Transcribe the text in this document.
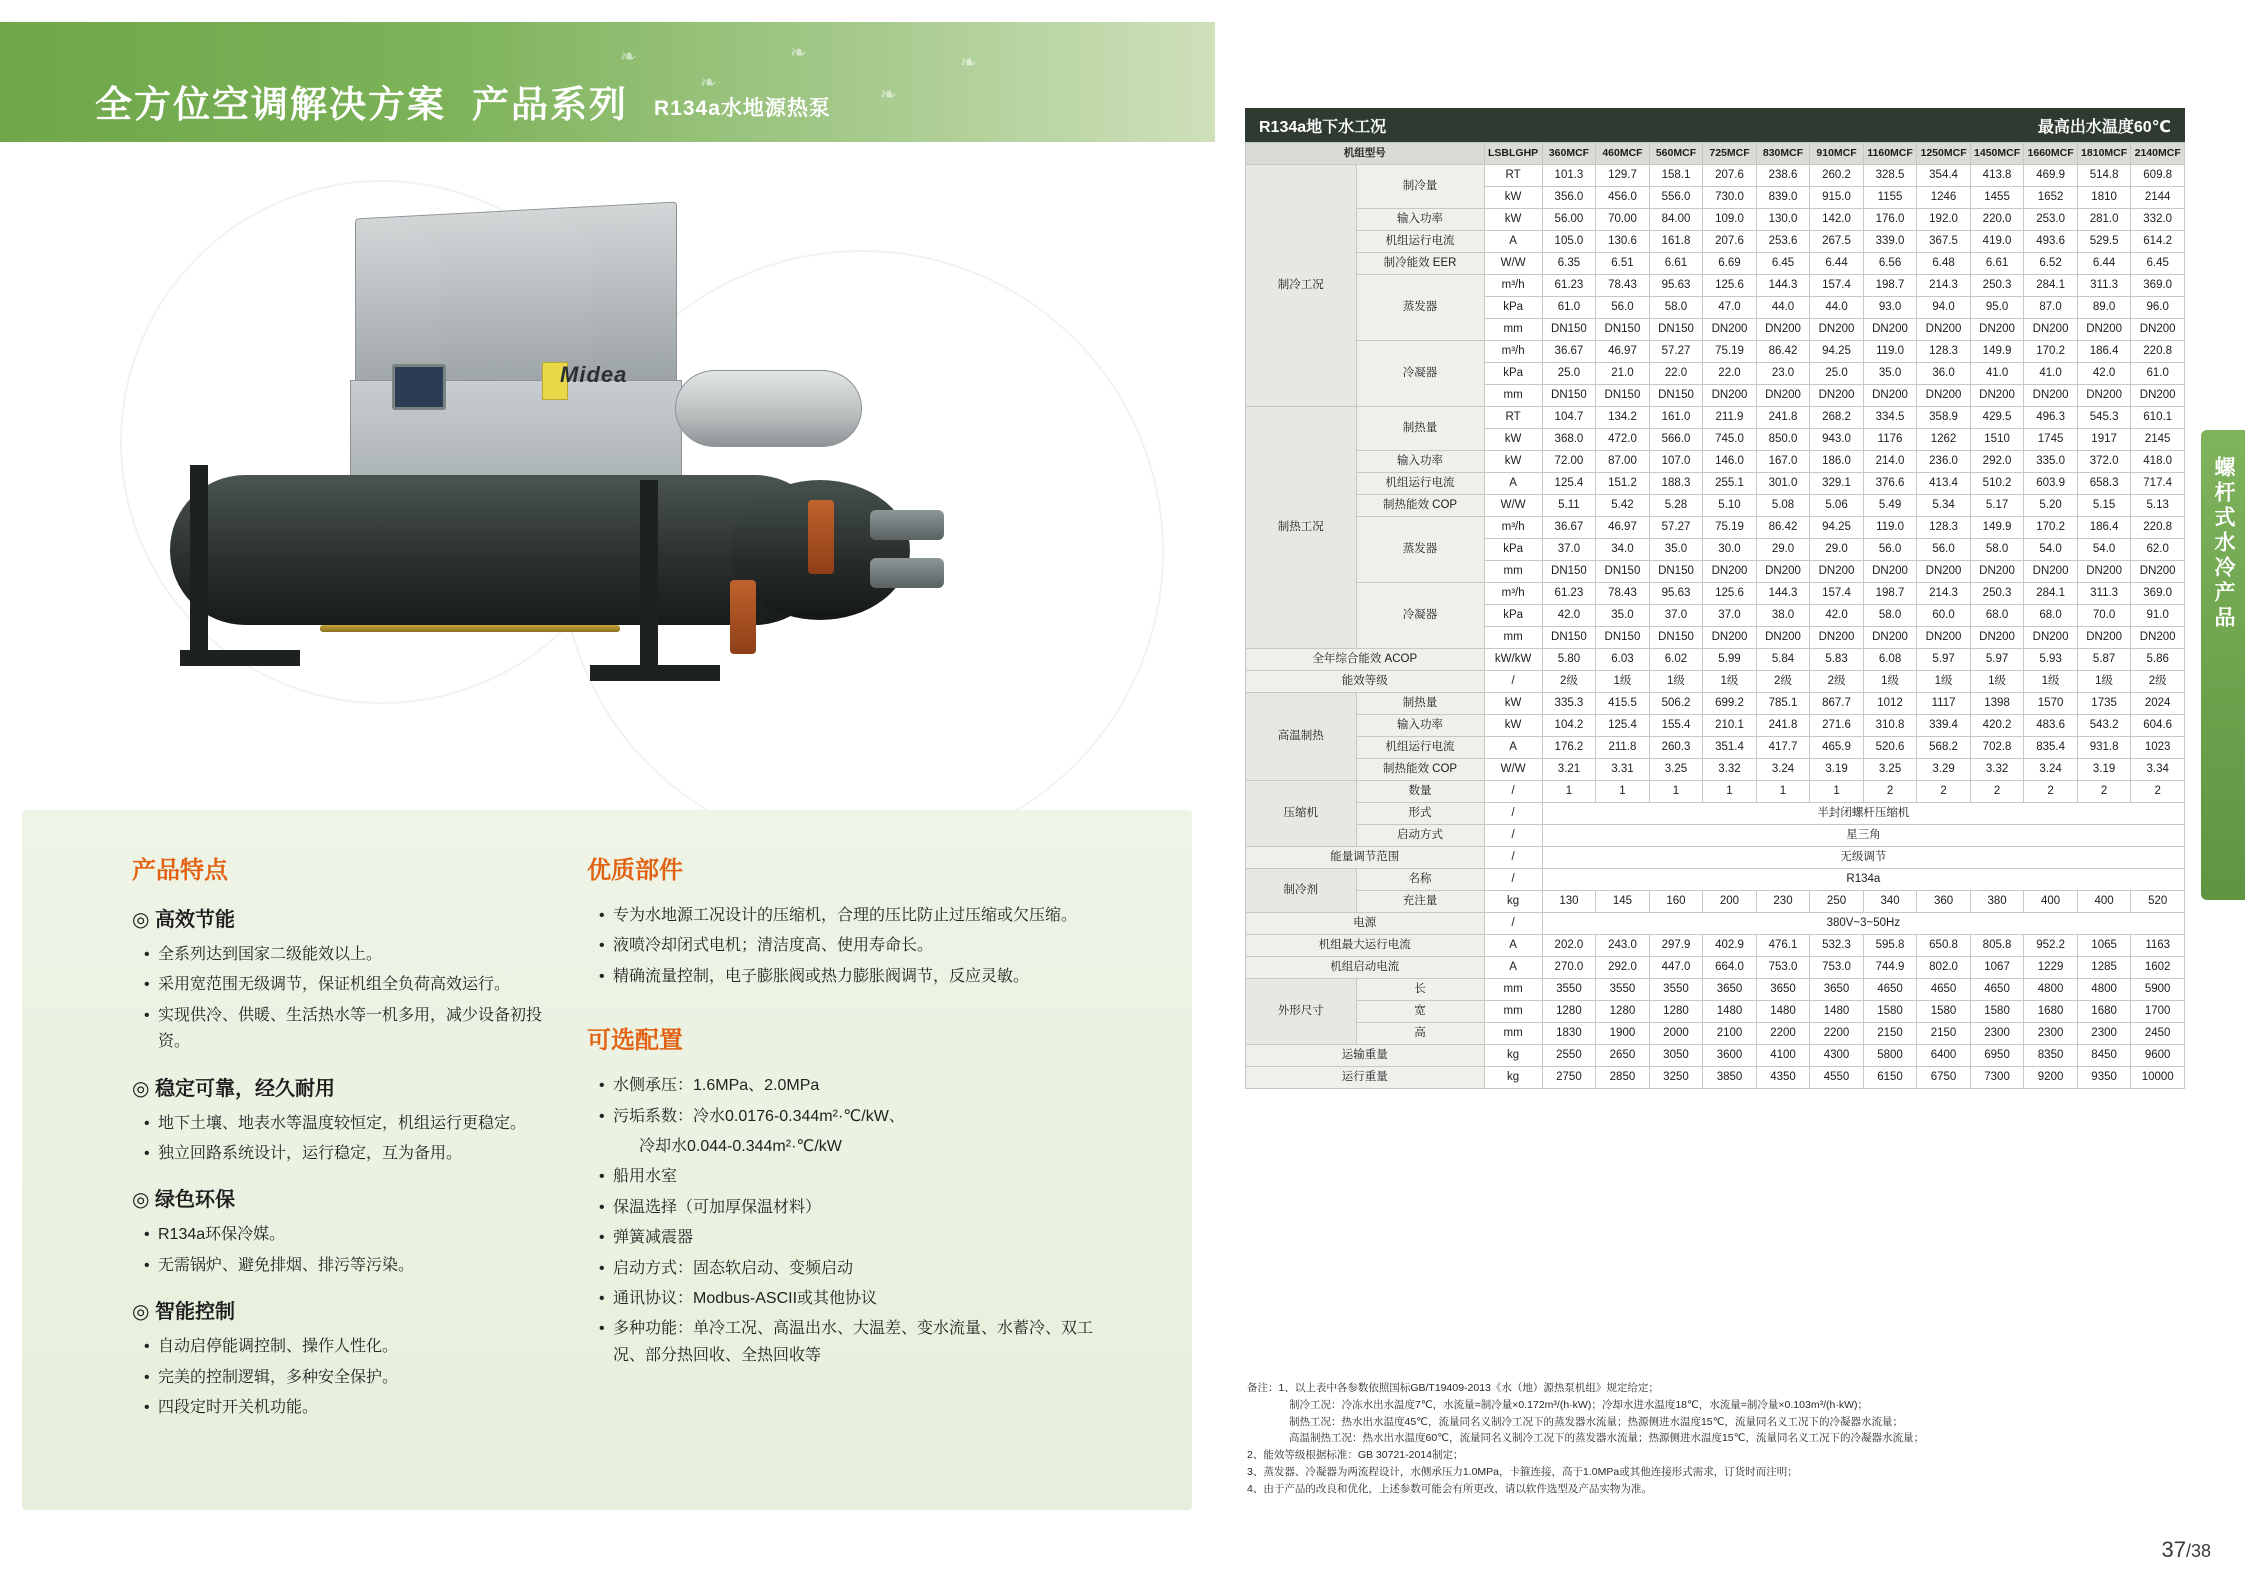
❧
❧
❧
❧
❧
全方位空调解决方案 产品系列 R134a水地源热泵
Midea
产品特点
◎ 高效节能
• 全系列达到国家二级能效以上。
• 采用宽范围无级调节，保证机组全负荷高效运行。
• 实现供冷、供暖、生活热水等一机多用，减少设备初投资。
◎ 稳定可靠，经久耐用
• 地下土壤、地表水等温度较恒定，机组运行更稳定。
• 独立回路系统设计，运行稳定，互为备用。
◎ 绿色环保
• R134a环保冷媒。
• 无需锅炉、避免排烟、排污等污染。
◎ 智能控制
• 自动启停能调控制、操作人性化。
• 完美的控制逻辑，多种安全保护。
• 四段定时开关机功能。
优质部件
• 专为水地源工况设计的压缩机，合理的压比防止过压缩或欠压缩。
• 液喷冷却闭式电机；清洁度高、使用寿命长。
• 精确流量控制，电子膨胀阀或热力膨胀阀调节，反应灵敏。
可选配置
• 水侧承压：1.6MPa、2.0MPa
• 污垢系数：冷水0.0176-0.344m²·℃/kW、
冷却水0.044-0.344m²·℃/kW
• 船用水室
• 保温选择（可加厚保温材料）
• 弹簧减震器
• 启动方式：固态软启动、变频启动
• 通讯协议：Modbus-ASCII或其他协议
• 多种功能：单冷工况、高温出水、大温差、变水流量、水蓄冷、双工况、部分热回收、全热回收等
R134a地下水工况	最高出水温度60℃
机组型号		LSBLGHP	360MCF	460MCF	560MCF	725MCF	830MCF	910MCF	1160MCF	1250MCF	1450MCF	1660MCF	1810MCF	2140MCF
制冷工况	制冷量	RT	101.3	129.7	158.1	207.6	238.6	260.2	328.5	354.4	413.8	469.9	514.8	609.8
		kW	356.0	456.0	556.0	730.0	839.0	915.0	1155	1246	1455	1652	1810	2144
	输入功率	kW	56.00	70.00	84.00	109.0	130.0	142.0	176.0	192.0	220.0	253.0	281.0	332.0
	机组运行电流	A	105.0	130.6	161.8	207.6	253.6	267.5	339.0	367.5	419.0	493.6	529.5	614.2
	制冷能效 EER	W/W	6.35	6.51	6.61	6.69	6.45	6.44	6.56	6.48	6.61	6.52	6.44	6.45
	蒸发器	m³/h	61.23	78.43	95.63	125.6	144.3	157.4	198.7	214.3	250.3	284.1	311.3	369.0
		kPa	61.0	56.0	58.0	47.0	44.0	44.0	93.0	94.0	95.0	87.0	89.0	96.0
		mm	DN150	DN150	DN150	DN200	DN200	DN200	DN200	DN200	DN200	DN200	DN200	DN200
	冷凝器	m³/h	36.67	46.97	57.27	75.19	86.42	94.25	119.0	128.3	149.9	170.2	186.4	220.8
		kPa	25.0	21.0	22.0	22.0	23.0	25.0	35.0	36.0	41.0	41.0	42.0	61.0
		mm	DN150	DN150	DN150	DN200	DN200	DN200	DN200	DN200	DN200	DN200	DN200	DN200
制热工况	制热量	RT	104.7	134.2	161.0	211.9	241.8	268.2	334.5	358.9	429.5	496.3	545.3	610.1
		kW	368.0	472.0	566.0	745.0	850.0	943.0	1176	1262	1510	1745	1917	2145
	输入功率	kW	72.00	87.00	107.0	146.0	167.0	186.0	214.0	236.0	292.0	335.0	372.0	418.0
	机组运行电流	A	125.4	151.2	188.3	255.1	301.0	329.1	376.6	413.4	510.2	603.9	658.3	717.4
	制热能效 COP	W/W	5.11	5.42	5.28	5.10	5.08	5.06	5.49	5.34	5.17	5.20	5.15	5.13
	蒸发器	m³/h	36.67	46.97	57.27	75.19	86.42	94.25	119.0	128.3	149.9	170.2	186.4	220.8
		kPa	37.0	34.0	35.0	30.0	29.0	29.0	56.0	56.0	58.0	54.0	54.0	62.0
		mm	DN150	DN150	DN150	DN200	DN200	DN200	DN200	DN200	DN200	DN200	DN200	DN200
	冷凝器	m³/h	61.23	78.43	95.63	125.6	144.3	157.4	198.7	214.3	250.3	284.1	311.3	369.0
		kPa	42.0	35.0	37.0	37.0	38.0	42.0	58.0	60.0	68.0	68.0	70.0	91.0
		mm	DN150	DN150	DN150	DN200	DN200	DN200	DN200	DN200	DN200	DN200	DN200	DN200
全年综合能效 ACOP		kW/kW	5.80	6.03	6.02	5.99	5.84	5.83	6.08	5.97	5.97	5.93	5.87	5.86
能效等级		/	2级	1级	1级	1级	2级	2级	1级	1级	1级	1级	1级	2级
高温制热	制热量	kW	335.3	415.5	506.2	699.2	785.1	867.7	1012	1117	1398	1570	1735	2024
	输入功率	kW	104.2	125.4	155.4	210.1	241.8	271.6	310.8	339.4	420.2	483.6	543.2	604.6
	机组运行电流	A	176.2	211.8	260.3	351.4	417.7	465.9	520.6	568.2	702.8	835.4	931.8	1023
	制热能效 COP	W/W	3.21	3.31	3.25	3.32	3.24	3.19	3.25	3.29	3.32	3.24	3.19	3.34
压缩机	数量	/	1	1	1	1	1	1	2	2	2	2	2	2
	形式	/	半封闭螺杆压缩机											
	启动方式	/	星三角											
能量调节范围		/	无级调节											
制冷剂	名称	/	R134a											
	充注量	kg	130	145	160	200	230	250	340	360	380	400	400	520
电源		/	380V~3~50Hz											
机组最大运行电流		A	202.0	243.0	297.9	402.9	476.1	532.3	595.8	650.8	805.8	952.2	1065	1163
机组启动电流		A	270.0	292.0	447.0	664.0	753.0	753.0	744.9	802.0	1067	1229	1285	1602
外形尺寸	长	mm	3550	3550	3550	3650	3650	3650	4650	4650	4650	4800	4800	5900
	宽	mm	1280	1280	1280	1480	1480	1480	1580	1580	1580	1680	1680	1700
	高	mm	1830	1900	2000	2100	2200	2200	2150	2150	2300	2300	2300	2450
运输重量		kg	2550	2650	3050	3600	4100	4300	5800	6400	6950	8350	8450	9600
运行重量		kg	2750	2850	3250	3850	4350	4550	6150	6750	7300	9200	9350	10000
螺杆式水冷产品
备注：1、以上表中各参数依照国标GB/T19409-2013《水（地）源热泵机组》规定给定；
制冷工况：冷冻水出水温度7℃，水流量=制冷量×0.172m³/(h·kW)；冷却水进水温度18℃，水流量=制冷量×0.103m³/(h·kW)；
制热工况：热水出水温度45℃，流量同名义制冷工况下的蒸发器水流量；热源侧进水温度15℃，流量同名义工况下的冷凝器水流量；
高温制热工况：热水出水温度60℃，流量同名义制冷工况下的蒸发器水流量；热源侧进水温度15℃，流量同名义工况下的冷凝器水流量；
2、能效等级根据标准：GB 30721-2014制定；
3、蒸发器、冷凝器为两流程设计，水侧承压力1.0MPa，卡箍连接，高于1.0MPa或其他连接形式需求，订货时而注明；
4、由于产品的改良和优化，上述参数可能会有所更改，请以软件选型及产品实物为准。
37/38
